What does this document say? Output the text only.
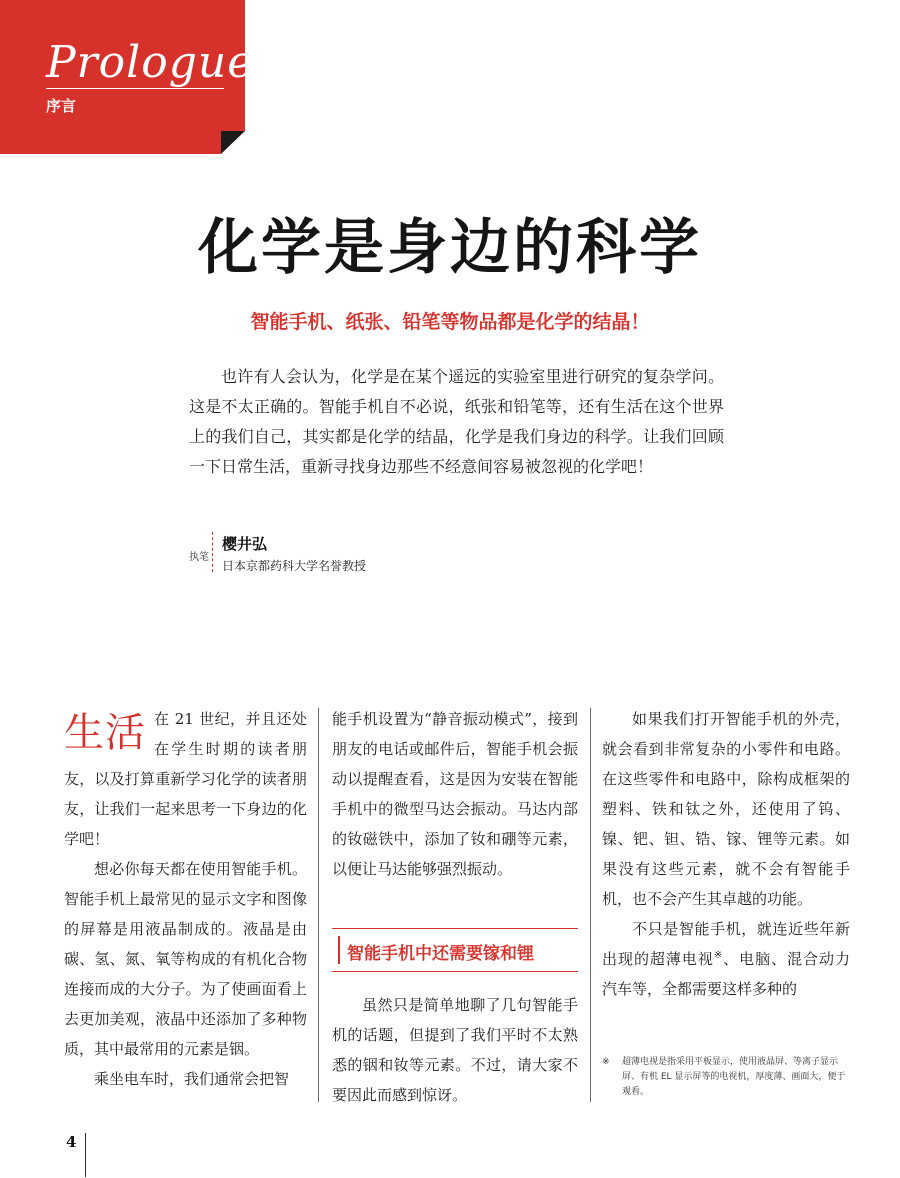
Prologue
序言
化学是身边的科学
智能手机、纸张、铅笔等物品都是化学的结晶！
也许有人会认为，化学是在某个遥远的实验室里进行研究的复杂学问。这是不太正确的。智能手机自不必说，纸张和铅笔等，还有生活在这个世界上的我们自己，其实都是化学的结晶，化学是我们身边的科学。让我们回顾一下日常生活，重新寻找身边那些不经意间容易被忽视的化学吧！
执笔
樱井弘
日本京都药科大学名誉教授

生活 在 21 世纪，并且还处在学生时期的读者朋友，以及打算重新学习化学的读者朋友，让我们一起来思考一下身边的化学吧！

想必你每天都在使用智能手机。智能手机上最常见的显示文字和图像的屏幕是用液晶制成的。液晶是由碳、氢、氮、氧等构成的有机化合物连接而成的大分子。为了使画面看上去更加美观，液晶中还添加了多种物质，其中最常用的元素是铟。

乘坐电车时，我们通常会把智

能手机设置为“静音振动模式”，接到朋友的电话或邮件后，智能手机会振动以提醒查看，这是因为安装在智能手机中的微型马达会振动。马达内部的钕磁铁中，添加了钕和硼等元素，以便让马达能够强烈振动。

智能手机中还需要镓和锂

虽然只是简单地聊了几句智能手机的话题，但提到了我们平时不太熟悉的铟和钕等元素。不过，请大家不要因此而感到惊讶。

如果我们打开智能手机的外壳，就会看到非常复杂的小零件和电路。在这些零件和电路中，除构成框架的塑料、铁和钛之外，还使用了钨、镍、钯、钽、锆、镓、锂等元素。如果没有这些元素，就不会有智能手机，也不会产生其卓越的功能。

不只是智能手机，就连近些年新出现的超薄电视※、电脑、混合动力汽车等，全都需要这样多种的

※ 超薄电视是指采用平板显示，使用液晶屏、等离子显示屏、有机 EL 显示屏等的电视机，厚度薄、画面大，便于观看。
4
